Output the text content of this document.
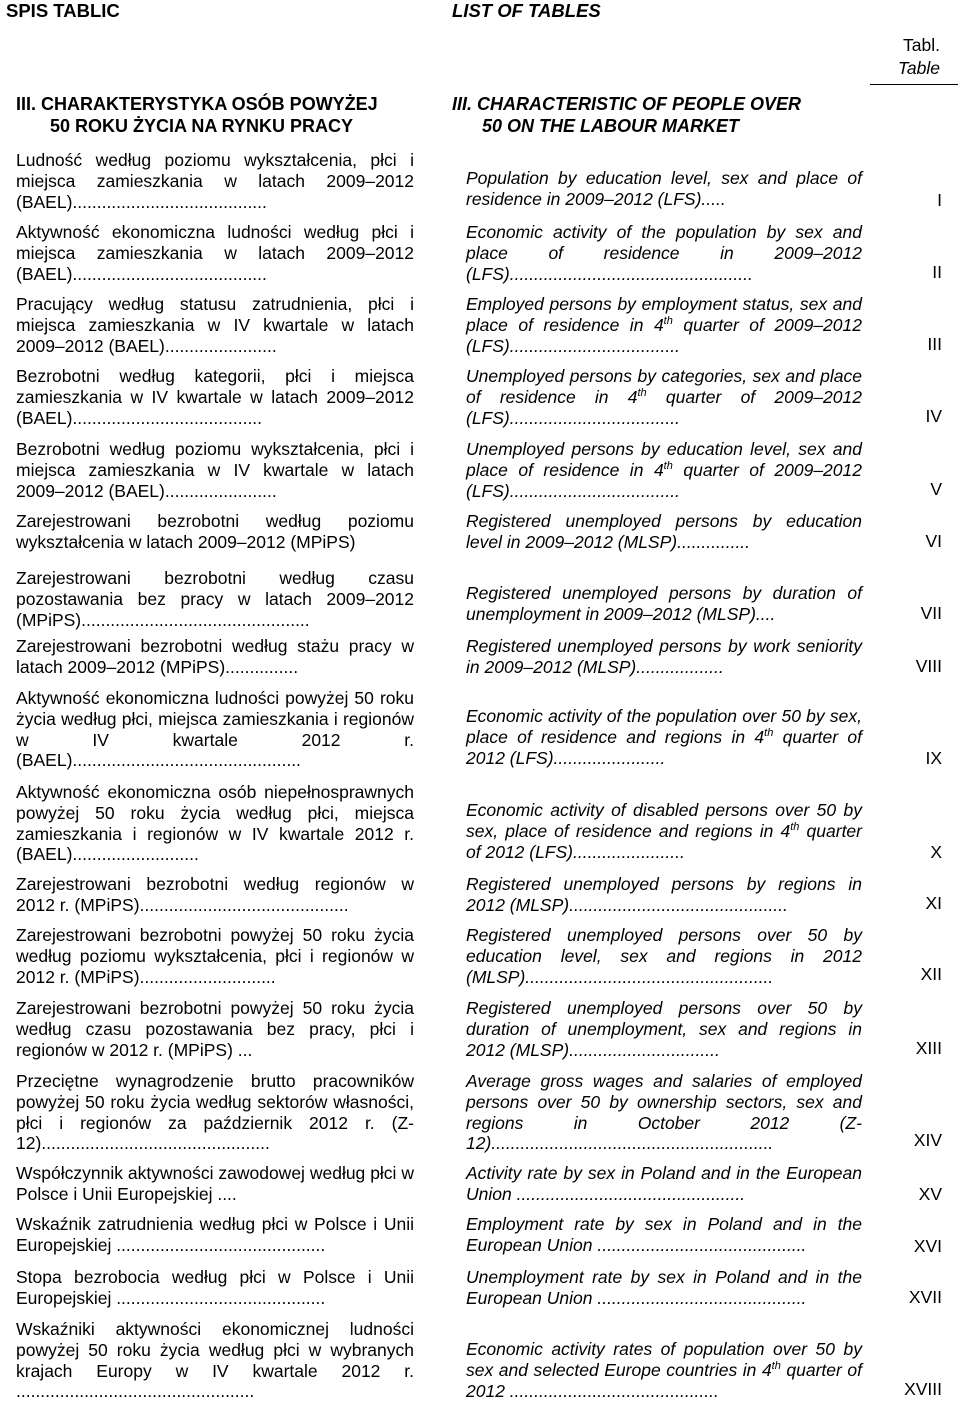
SPIS TABLIC	LIST OF TABLES
Tabl.
Table
III. CHARAKTERYSTYKA OSÓB POWYŻEJ
50 ROKU ŻYCIA NA RYNKU PRACY
III. CHARACTERISTIC OF PEOPLE OVER
50 ON THE LABOUR MARKET
Ludność według poziomu wykształcenia, płci i miejsca zamieszkania w latach 2009–2012 (BAEL)........................................
Population by education level, sex and place of residence in 2009–2012 (LFS).....	I
Aktywność ekonomiczna ludności według płci i miejsca zamieszkania w latach 2009–2012 (BAEL)........................................
Economic activity of the population by sex and place of residence in 2009–2012 (LFS)..................................................	II
Pracujący według statusu zatrudnienia, płci i miejsca zamieszkania w IV kwartale w latach 2009–2012 (BAEL).......................
Employed persons by employment status, sex and place of residence in 4th quarter of 2009–2012 (LFS)...................................	III
Bezrobotni według kategorii, płci i miejsca zamieszkania w IV kwartale w latach 2009–2012 (BAEL).......................................
Unemployed persons by categories, sex and place of residence in 4th quarter of 2009–2012 (LFS)...................................	IV
Bezrobotni według poziomu wykształcenia, płci i miejsca zamieszkania w IV kwartale w latach 2009–2012 (BAEL).......................
Unemployed persons by education level, sex and place of residence in 4th quarter of 2009–2012 (LFS)...................................	V
Zarejestrowani bezrobotni według poziomu wykształcenia w latach 2009–2012 (MPiPS)
Registered unemployed persons by education level in 2009–2012 (MLSP)...............	VI
Zarejestrowani bezrobotni według czasu pozostawania bez pracy w latach 2009–2012 (MPiPS)...............................................
Registered unemployed persons by duration of unemployment in 2009–2012 (MLSP)....	VII
Zarejestrowani bezrobotni według stażu pracy w latach 2009–2012 (MPiPS)...............
Registered unemployed persons by work seniority in 2009–2012 (MLSP)..................	VIII
Aktywność ekonomiczna ludności powyżej 50 roku życia według płci, miejsca zamieszkania i regionów w IV kwartale 2012 r. (BAEL)...............................................
Economic activity of the population over 50 by sex, place of residence and regions in 4th quarter of 2012 (LFS).......................	IX
Aktywność ekonomiczna osób niepełnosprawnych powyżej 50 roku życia według płci, miejsca zamieszkania i regionów w IV kwartale 2012 r. (BAEL)..........................
Economic activity of disabled persons over 50 by sex, place of residence and regions in 4th quarter of 2012 (LFS).......................	X
Zarejestrowani bezrobotni według regionów w 2012 r. (MPiPS)...........................................
Registered unemployed persons by regions in 2012 (MLSP).............................................	XI
Zarejestrowani bezrobotni powyżej 50 roku życia według poziomu wykształcenia, płci i regionów w 2012 r. (MPiPS)............................
Registered unemployed persons over 50 by education level, sex and regions in 2012 (MLSP)...................................................	XII
Zarejestrowani bezrobotni powyżej 50 roku życia według czasu pozostawania bez pracy, płci i regionów w 2012 r. (MPiPS) ...
Registered unemployed persons over 50 by duration of unemployment, sex and regions in 2012 (MLSP)...............................	XIII
Przeciętne wynagrodzenie brutto pracowników powyżej 50 roku życia według sektorów własności, płci i regionów za październik 2012 r. (Z-12)...............................................
Average gross wages and salaries of employed persons over 50 by ownership sectors, sex and regions in October 2012 (Z-12)..........................................................	XIV
Współczynnik aktywności zawodowej według płci w Polsce i Unii Europejskiej ....
Activity rate by sex in Poland and in the European Union ...............................................	XV
Wskaźnik zatrudnienia według płci w Polsce i Unii Europejskiej ...........................................
Employment rate by sex in Poland and in the European Union ...........................................	XVI
Stopa bezrobocia według płci w Polsce i Unii Europejskiej ...........................................
Unemployment rate by sex in Poland and in the European Union ...........................................	XVII
Wskaźniki aktywności ekonomicznej ludności powyżej 50 roku życia według płci w wybranych krajach Europy w IV kwartale 2012 r. .................................................
Economic activity rates of population over 50 by sex and selected Europe countries in 4th quarter of 2012 ...........................................	XVIII
